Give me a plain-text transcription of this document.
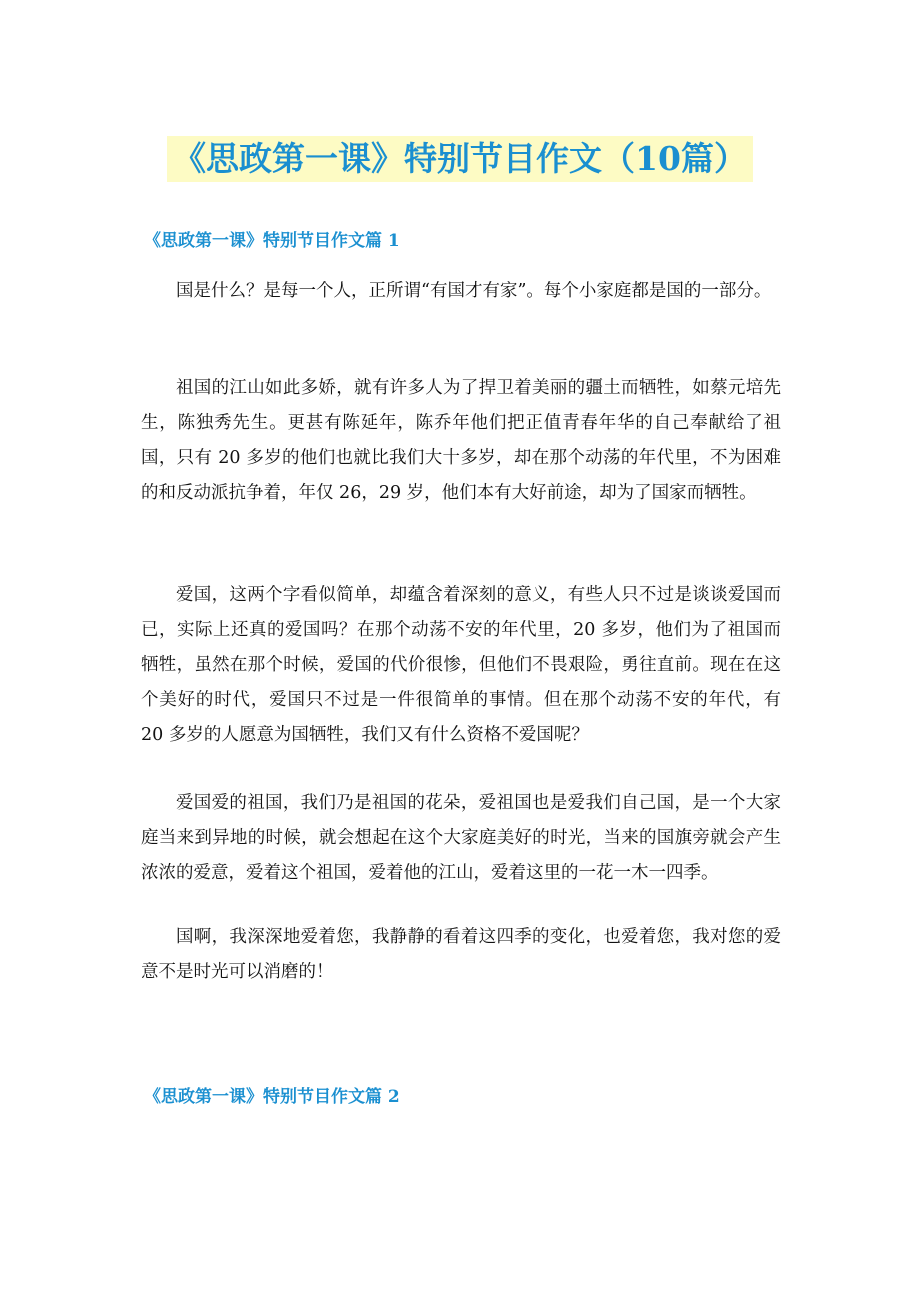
《思政第一课》特别节目作文（10篇）
《思政第一课》特别节目作文篇 1

国是什么？是每一个人，正所谓“有国才有家”。每个小家庭都是国的一部分。

祖国的江山如此多娇，就有许多人为了捍卫着美丽的疆土而牺牲，如蔡元培先生，陈独秀先生。更甚有陈延年，陈乔年他们把正值青春年华的自己奉献给了祖国，只有 20 多岁的他们也就比我们大十多岁，却在那个动荡的年代里，不为困难的和反动派抗争着，年仅 26，29 岁，他们本有大好前途，却为了国家而牺牲。

爱国，这两个字看似简单，却蕴含着深刻的意义，有些人只不过是谈谈爱国而已，实际上还真的爱国吗？在那个动荡不安的年代里，20 多岁，他们为了祖国而牺牲，虽然在那个时候，爱国的代价很惨，但他们不畏艰险，勇往直前。现在在这个美好的时代，爱国只不过是一件很简单的事情。但在那个动荡不安的年代，有 20 多岁的人愿意为国牺牲，我们又有什么资格不爱国呢？

爱国爱的祖国，我们乃是祖国的花朵，爱祖国也是爱我们自己国，是一个大家庭当来到异地的时候，就会想起在这个大家庭美好的时光，当来的国旗旁就会产生浓浓的爱意，爱着这个祖国，爱着他的江山，爱着这里的一花一木一四季。

国啊，我深深地爱着您，我静静的看着这四季的变化，也爱着您，我对您的爱意不是时光可以消磨的！

《思政第一课》特别节目作文篇 2
